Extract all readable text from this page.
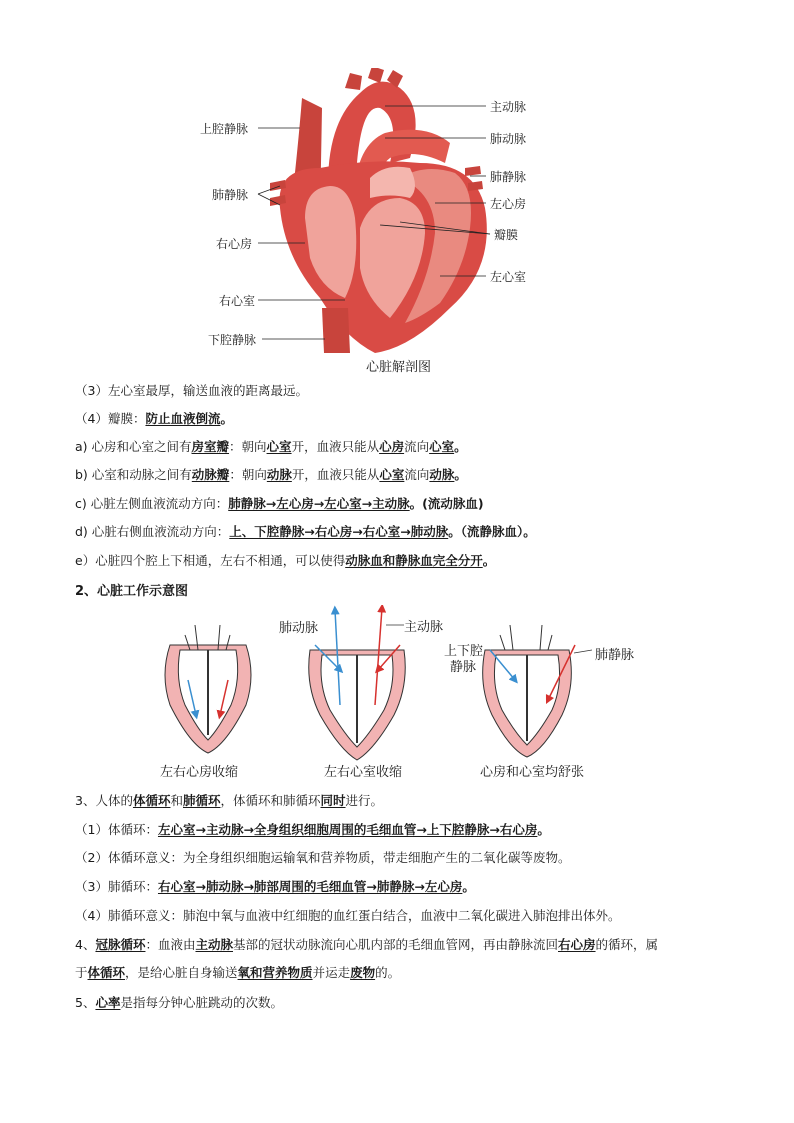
上腔静脉
肺静脉
右心房
右心室
下腔静脉
主动脉
肺动脉
肺静脉
左心房
瓣膜
左心室
心脏解剖图
（3）左心室最厚，输送血液的距离最远。
（4）瓣膜：防止血液倒流。
a) 心房和心室之间有房室瓣：朝向心室开，血液只能从心房流向心室。
b) 心室和动脉之间有动脉瓣：朝向动脉开，血液只能从心室流向动脉。
c) 心脏左侧血液流动方向：肺静脉→左心房→左心室→主动脉。(流动脉血)
d) 心脏右侧血液流动方向：上、下腔静脉→右心房→右心室→肺动脉。（流静脉血）。
e）心脏四个腔上下相通，左右不相通，可以使得动脉血和静脉血完全分开。
2、心脏工作示意图
肺动脉	主动脉
上下腔
静脉
肺静脉
左右心房收缩	左右心室收缩	心房和心室均舒张
3、人体的体循环和肺循环，体循环和肺循环同时进行。
（1）体循环：左心室→主动脉→全身组织细胞周围的毛细血管→上下腔静脉→右心房。
（2）体循环意义：为全身组织细胞运输氧和营养物质，带走细胞产生的二氧化碳等废物。
（3）肺循环：右心室→肺动脉→肺部周围的毛细血管→肺静脉→左心房。
（4）肺循环意义：肺泡中氧与血液中红细胞的血红蛋白结合，血液中二氧化碳进入肺泡排出体外。
4、冠脉循环：血液由主动脉基部的冠状动脉流向心肌内部的毛细血管网，再由静脉流回右心房的循环，属
于体循环，是给心脏自身输送氧和营养物质并运走废物的。
5、心率是指每分钟心脏跳动的次数。
